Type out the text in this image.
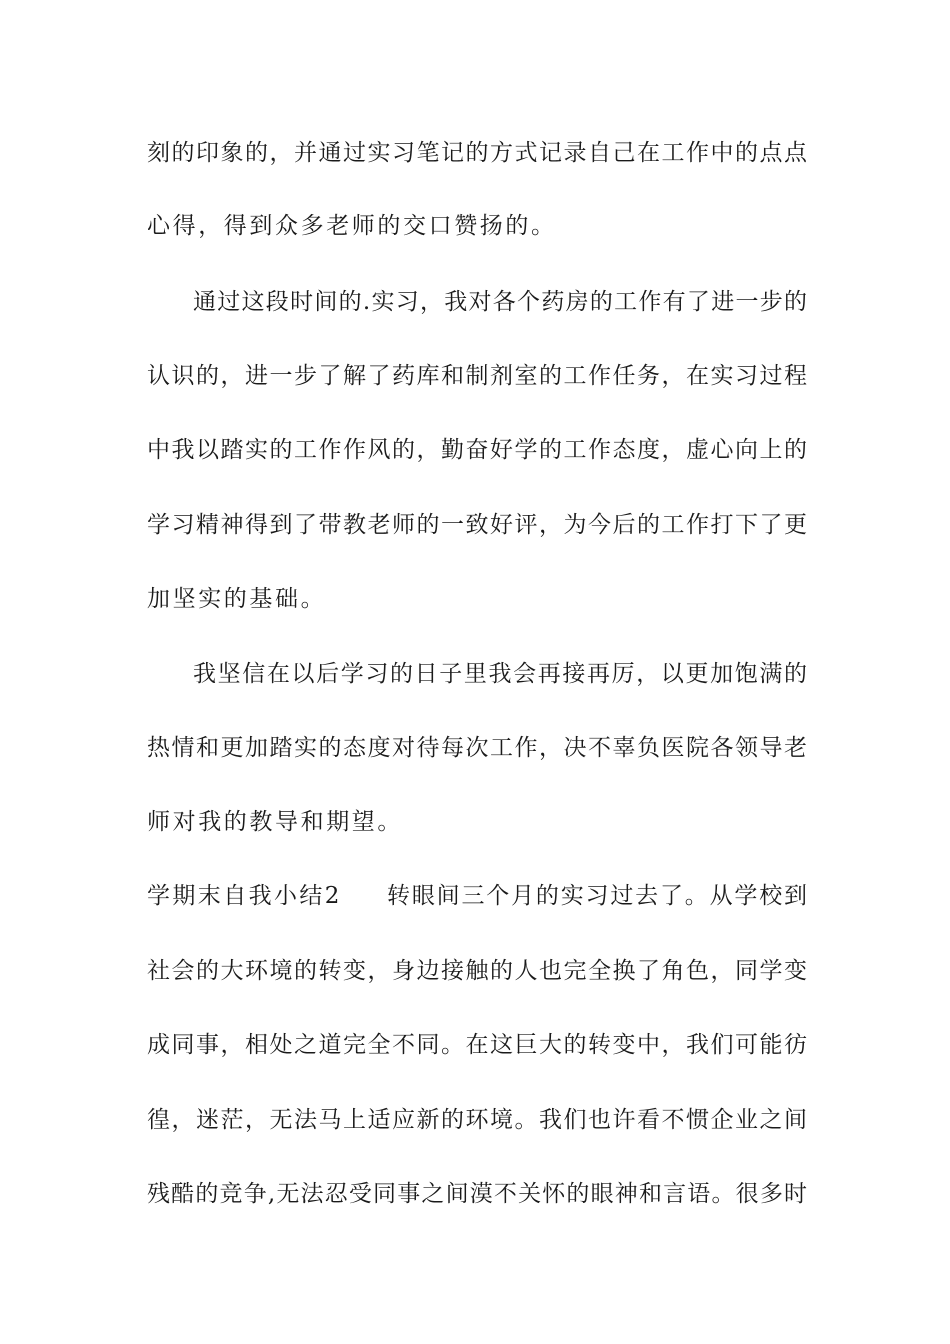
刻的印象的，并通过实习笔记的方式记录自己在工作中的点点
心得，得到众多老师的交口赞扬的。
通过这段时间的.实习，我对各个药房的工作有了进一步的
认识的，进一步了解了药库和制剂室的工作任务，在实习过程
中我以踏实的工作作风的，勤奋好学的工作态度，虚心向上的
学习精神得到了带教老师的一致好评，为今后的工作打下了更
加坚实的基础。
我坚信在以后学习的日子里我会再接再厉，以更加饱满的
热情和更加踏实的态度对待每次工作，决不辜负医院各领导老
师对我的教导和期望。
学期末自我小结2 转眼间三个月的实习过去了。从学校到
社会的大环境的转变，身边接触的人也完全换了角色，同学变
成同事，相处之道完全不同。在这巨大的转变中，我们可能彷
徨，迷茫，无法马上适应新的环境。我们也许看不惯企业之间
残酷的竞争,无法忍受同事之间漠不关怀的眼神和言语。很多时
